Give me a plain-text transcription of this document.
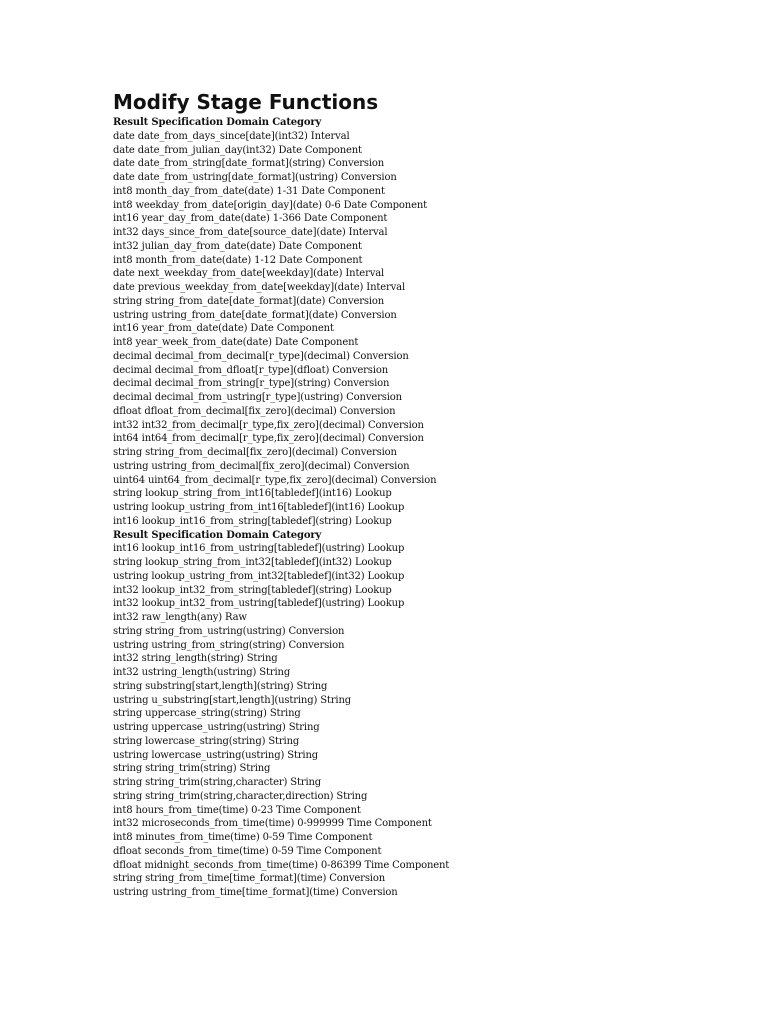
Modify Stage Functions
Result Specification Domain Category
date date_from_days_since[date](int32) Interval
date date_from_julian_day(int32) Date Component
date date_from_string[date_format](string) Conversion
date date_from_ustring[date_format](ustring) Conversion
int8 month_day_from_date(date) 1-31 Date Component
int8 weekday_from_date[origin_day](date) 0-6 Date Component
int16 year_day_from_date(date) 1-366 Date Component
int32 days_since_from_date[source_date](date) Interval
int32 julian_day_from_date(date) Date Component
int8 month_from_date(date) 1-12 Date Component
date next_weekday_from_date[weekday](date) Interval
date previous_weekday_from_date[weekday](date) Interval
string string_from_date[date_format](date) Conversion
ustring ustring_from_date[date_format](date) Conversion
int16 year_from_date(date) Date Component
int8 year_week_from_date(date) Date Component
decimal decimal_from_decimal[r_type](decimal) Conversion
decimal decimal_from_dfloat[r_type](dfloat) Conversion
decimal decimal_from_string[r_type](string) Conversion
decimal decimal_from_ustring[r_type](ustring) Conversion
dfloat dfloat_from_decimal[fix_zero](decimal) Conversion
int32 int32_from_decimal[r_type,fix_zero](decimal) Conversion
int64 int64_from_decimal[r_type,fix_zero](decimal) Conversion
string string_from_decimal[fix_zero](decimal) Conversion
ustring ustring_from_decimal[fix_zero](decimal) Conversion
uint64 uint64_from_decimal[r_type,fix_zero](decimal) Conversion
string lookup_string_from_int16[tabledef](int16) Lookup
ustring lookup_ustring_from_int16[tabledef](int16) Lookup
int16 lookup_int16_from_string[tabledef](string) Lookup
Result Specification Domain Category
int16 lookup_int16_from_ustring[tabledef](ustring) Lookup
string lookup_string_from_int32[tabledef](int32) Lookup
ustring lookup_ustring_from_int32[tabledef](int32) Lookup
int32 lookup_int32_from_string[tabledef](string) Lookup
int32 lookup_int32_from_ustring[tabledef](ustring) Lookup
int32 raw_length(any) Raw
string string_from_ustring(ustring) Conversion
ustring ustring_from_string(string) Conversion
int32 string_length(string) String
int32 ustring_length(ustring) String
string substring[start,length](string) String
ustring u_substring[start,length](ustring) String
string uppercase_string(string) String
ustring uppercase_ustring(ustring) String
string lowercase_string(string) String
ustring lowercase_ustring(ustring) String
string string_trim(string) String
string string_trim(string,character) String
string string_trim(string,character,direction) String
int8 hours_from_time(time) 0-23 Time Component
int32 microseconds_from_time(time) 0-999999 Time Component
int8 minutes_from_time(time) 0-59 Time Component
dfloat seconds_from_time(time) 0-59 Time Component
dfloat midnight_seconds_from_time(time) 0-86399 Time Component
string string_from_time[time_format](time) Conversion
ustring ustring_from_time[time_format](time) Conversion
